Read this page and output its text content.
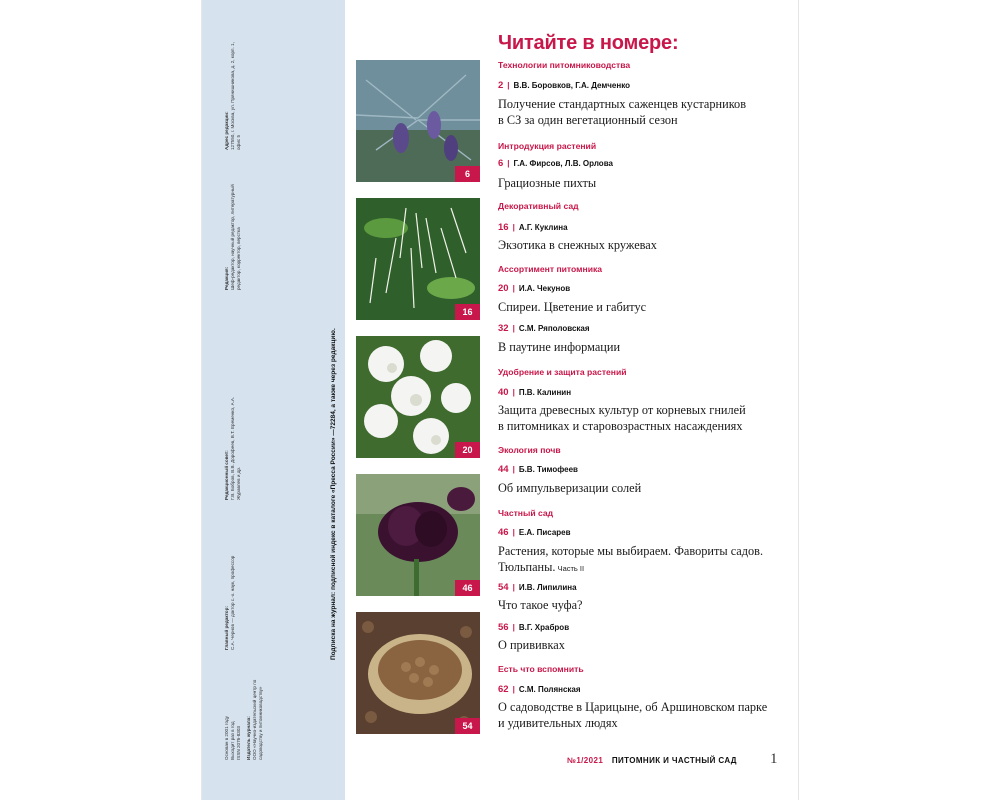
Основан в 2001 году Выходит раз в год ISSN 2076-8303 Издатель журнала: ООО «Научно-издательский центр по садоводству и питомниководству»

Главный редактор: С.А. Чернов — доктор с.-х. наук, профессор

Редакционный совет: Г.В. Бобров, В.В. Дорофеев, В.Т. Еременко, А.А. Журавлев и др.

Редакция: Шеф-редактор, научный редактор, литературный редактор, корректор, верстка

Адрес редакции: 127550, г. Москва, ул. Прянишникова, д. 2, корп. 1, офис 5

Подписка на журнал: подписной индекс в каталоге «Пресса России» —72284, а также через редакцию.
6
16
20
46
54
Читайте в номере:
Технологии питомниководства
2 | В.В. Боровков, Г.А. Демченко
Получение стандартных саженцев кустарников
в СЗ за один вегетационный сезон
Интродукция растений
6 | Г.А. Фирсов, Л.В. Орлова
Грациозные пихты
Декоративный сад
16 | А.Г. Куклина
Экзотика в снежных кружевах
Ассортимент питомника
20 | И.А. Чекунов
Спиреи. Цветение и габитус
32 | С.М. Ряполовская
В паутине информации
Удобрение и защита растений
40 | П.В. Калинин
Защита древесных культур от корневых гнилей
в питомниках и старовозрастных насаждениях
Экология почв
44 | Б.В. Тимофеев
Об импульверизации солей
Частный сад
46 | Е.А. Писарев
Растения, которые мы выбираем. Фавориты садов.
Тюльпаны. Часть II
54 | И.В. Липилина
Что такое чуфа?
56 | В.Г. Храбров
О прививках
Есть что вспомнить
62 | С.М. Полянская
О садоводстве в Царицыне, об Аршиновском парке
и удивительных людях
№1/2021 ПИТОМНИК И ЧАСТНЫЙ САД 1
